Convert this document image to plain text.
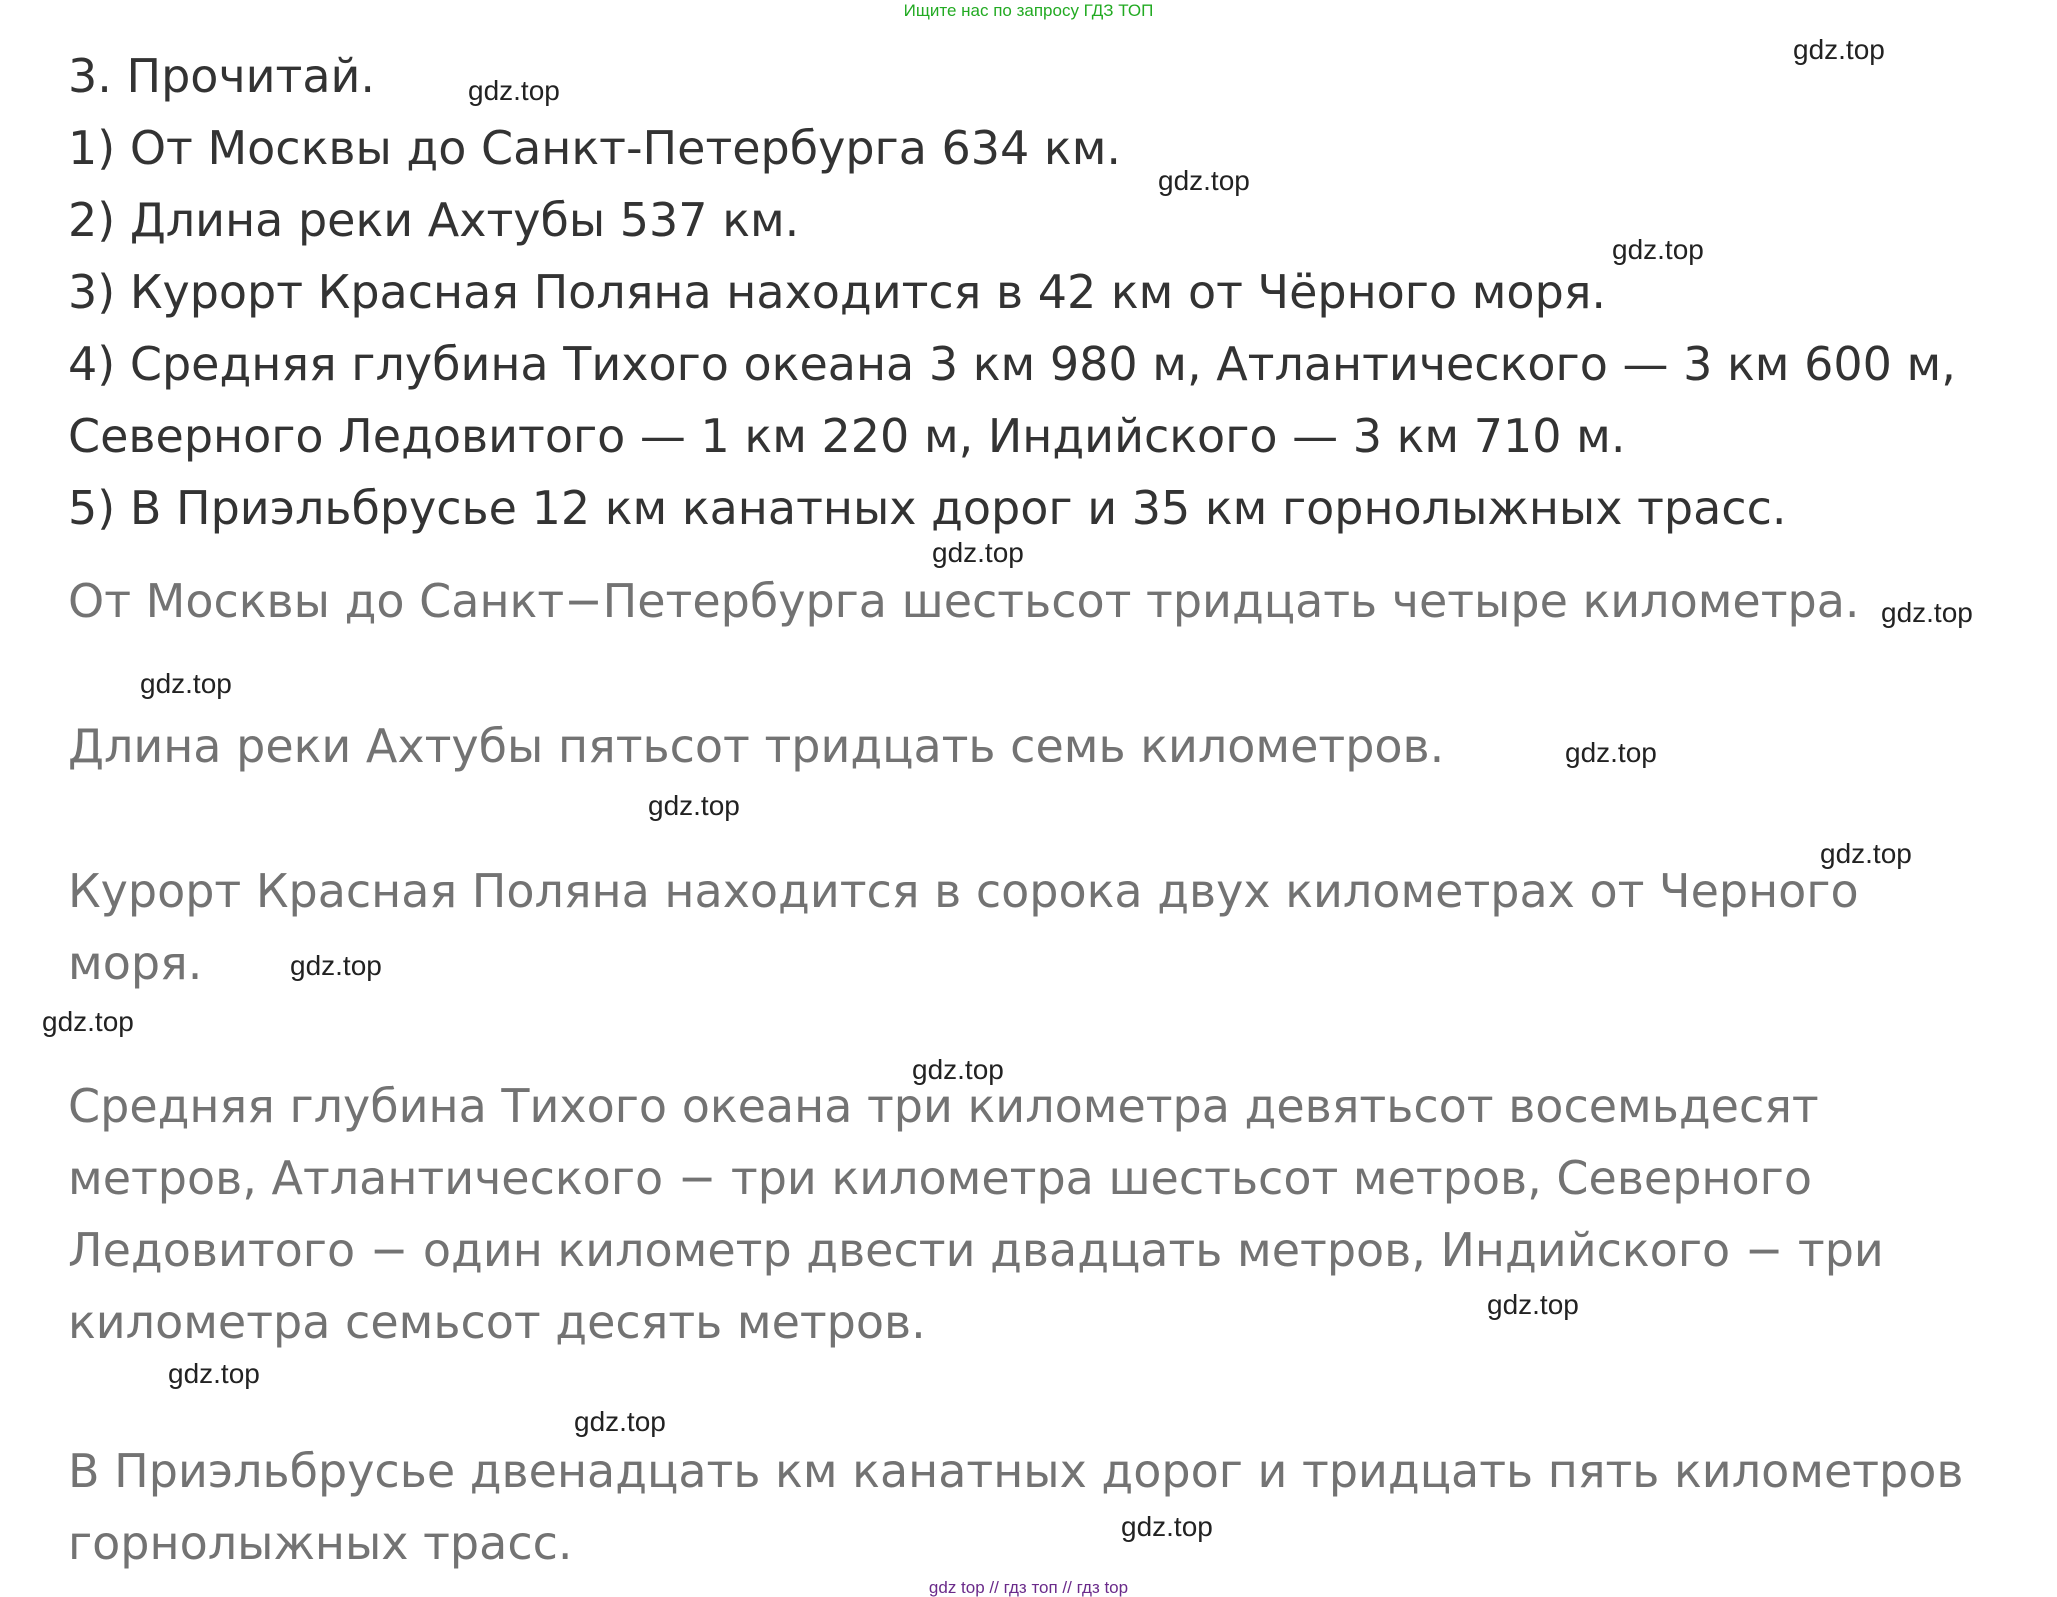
Ищите нас по запросу ГДЗ ТОП
3. Прочитай.
1) От Москвы до Санкт-Петербурга 634 км.
2) Длина реки Ахтубы 537 км.
3) Курорт Красная Поляна находится в 42 км от Чёрного моря.
4) Средняя глубина Тихого океана 3 км 980 м, Атлантического — 3 км 600 м,
Северного Ледовитого — 1 км 220 м, Индийского — 3 км 710 м.
5) В Приэльбрусье 12 км канатных дорог и 35 км горнолыжных трасс.
От Москвы до Санкт−Петербурга шестьсот тридцать четыре километра.
Длина реки Ахтубы пятьсот тридцать семь километров.
Курорт Красная Поляна находится в сорока двух километрах от Черного
моря.
Средняя глубина Тихого океана три километра девятьсот восемьдесят
метров, Атлантического − три километра шестьсот метров, Северного
Ледовитого − один километр двести двадцать метров, Индийского − три
километра семьсот десять метров.
В Приэльбрусье двенадцать км канатных дорог и тридцать пять километров
горнолыжных трасс.
gdz.top
gdz.top
gdz.top
gdz.top
gdz.top
gdz.top
gdz.top
gdz.top
gdz.top
gdz.top
gdz.top
gdz.top
gdz.top
gdz.top
gdz.top
gdz.top
gdz.top
gdz top // гдз топ // гдз top
